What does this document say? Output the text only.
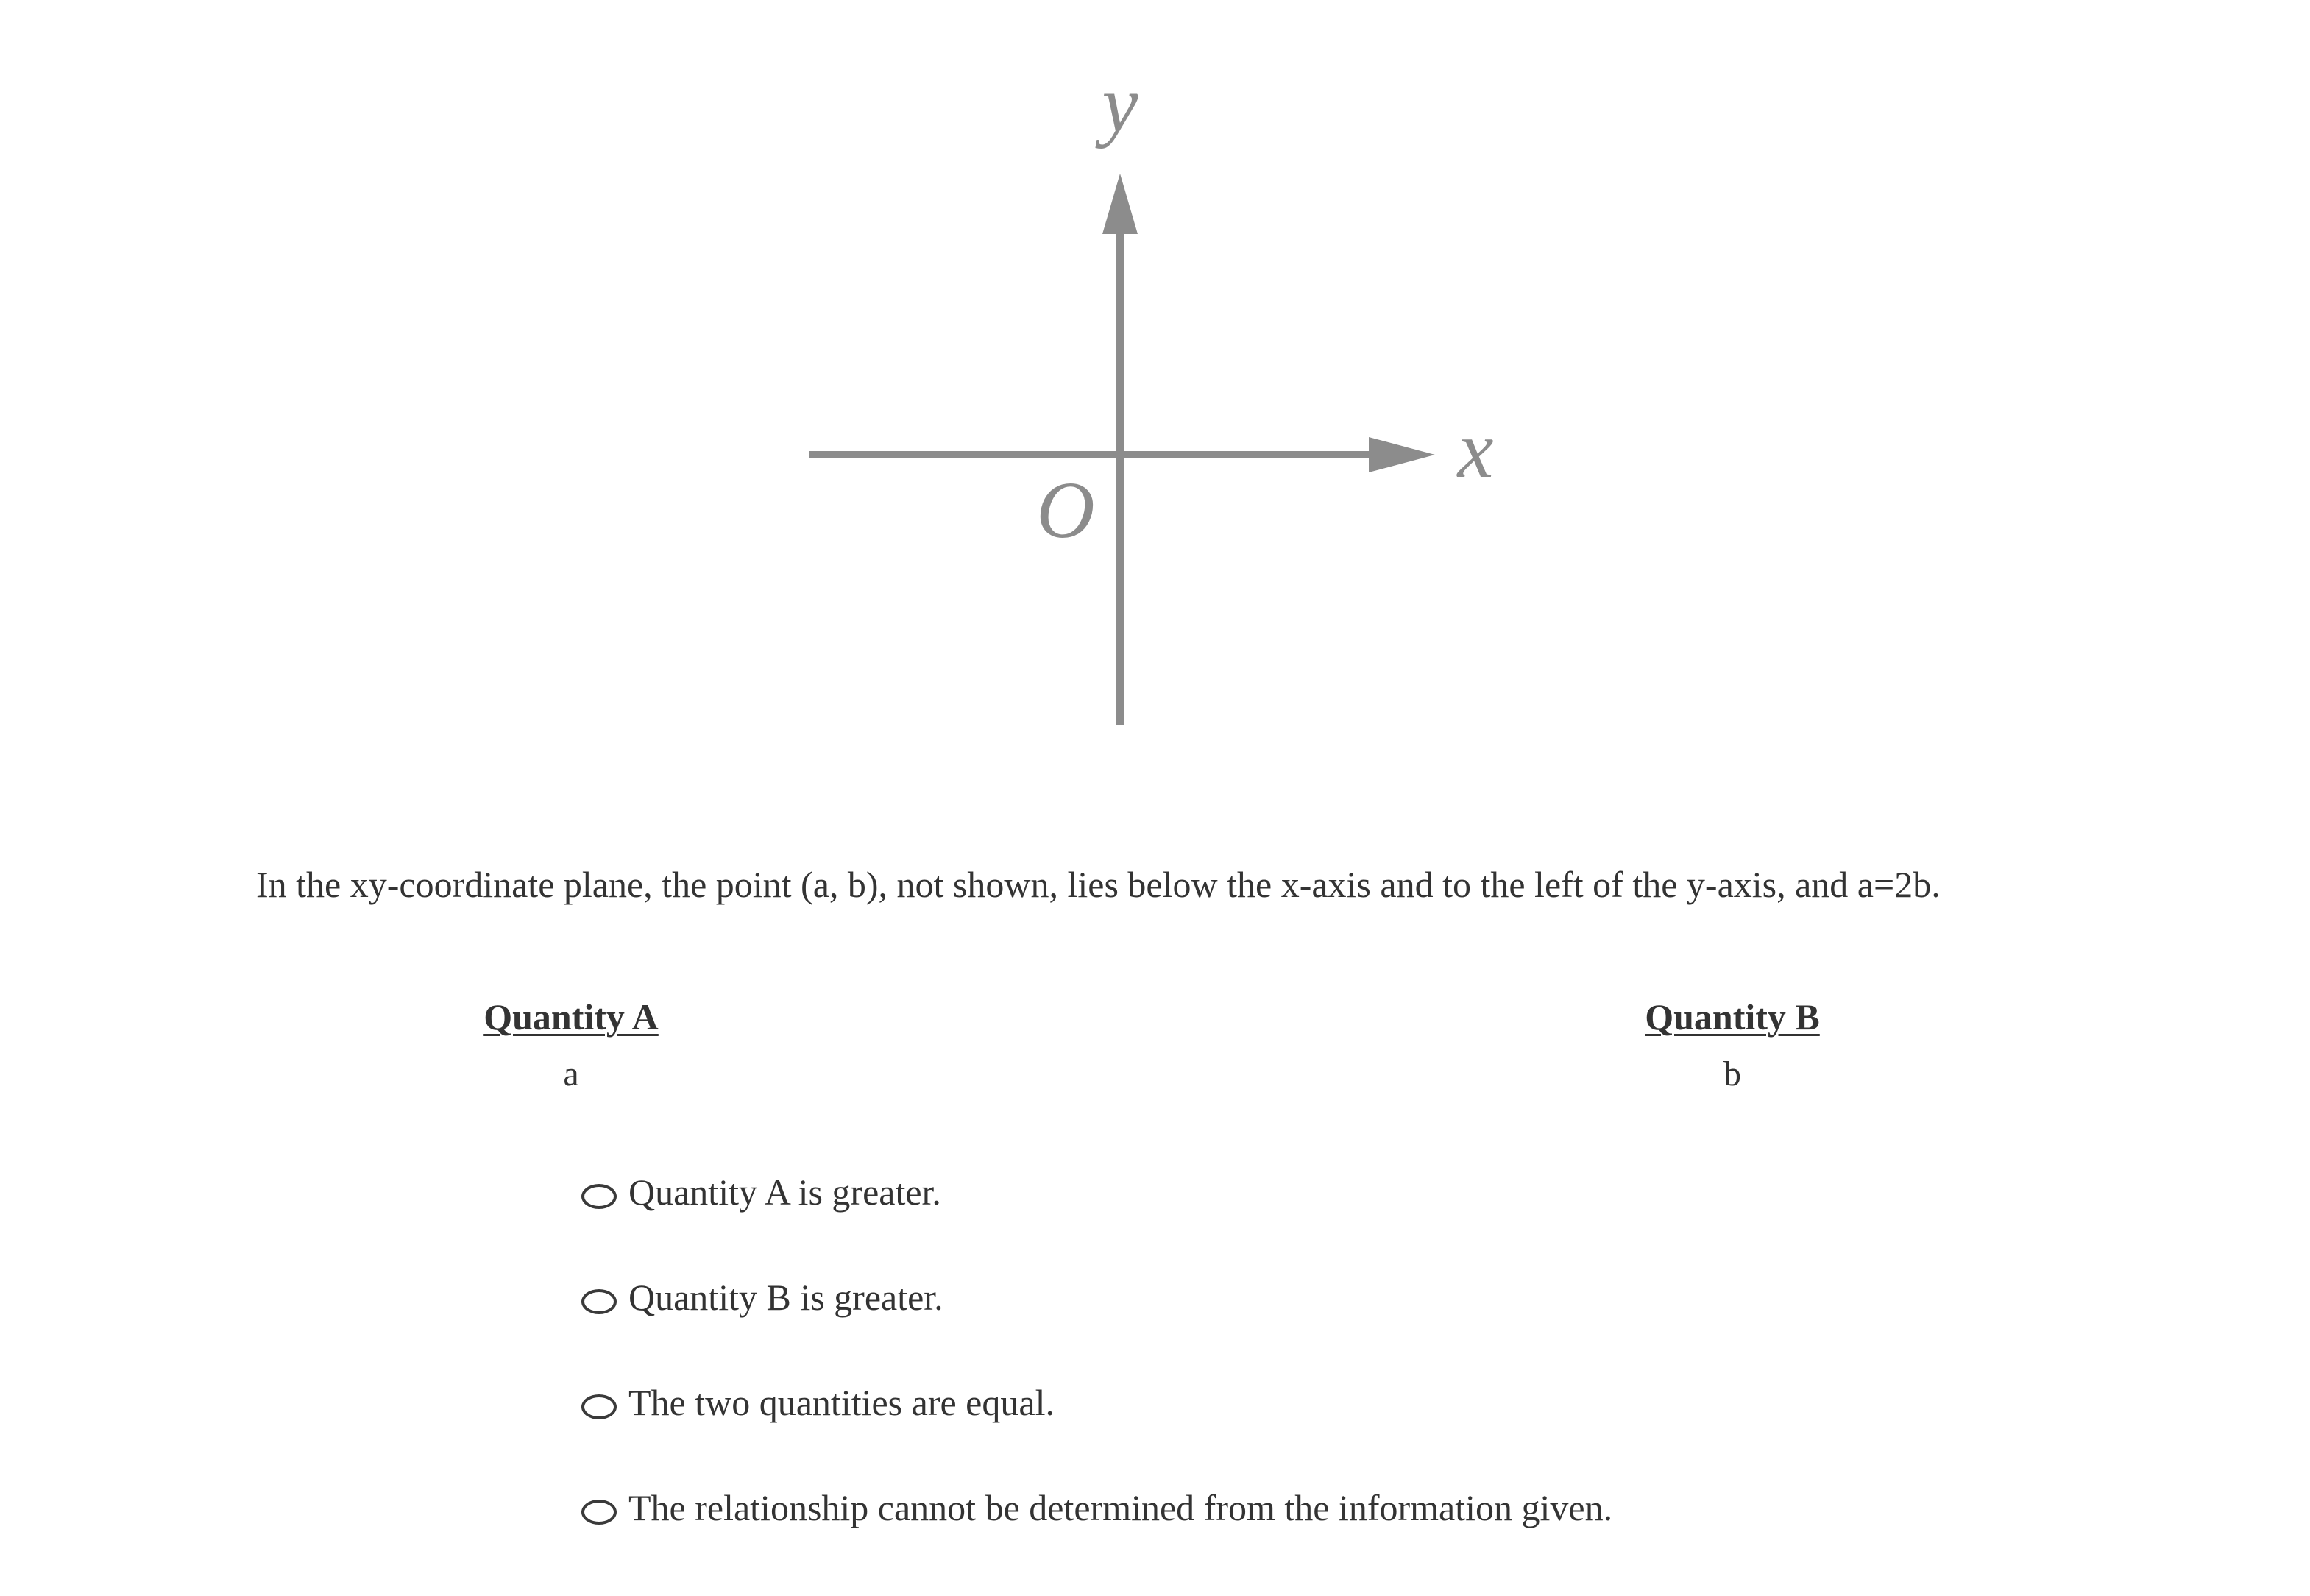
y
x
O
In the xy-coordinate plane, the point (a, b), not shown, lies below the x-axis and to the left of the y-axis, and a=2b.
Quantity A
a
Quantity B
b
Quantity A is greater.
Quantity B is greater.
The two quantities are equal.
The relationship cannot be determined from the information given.
